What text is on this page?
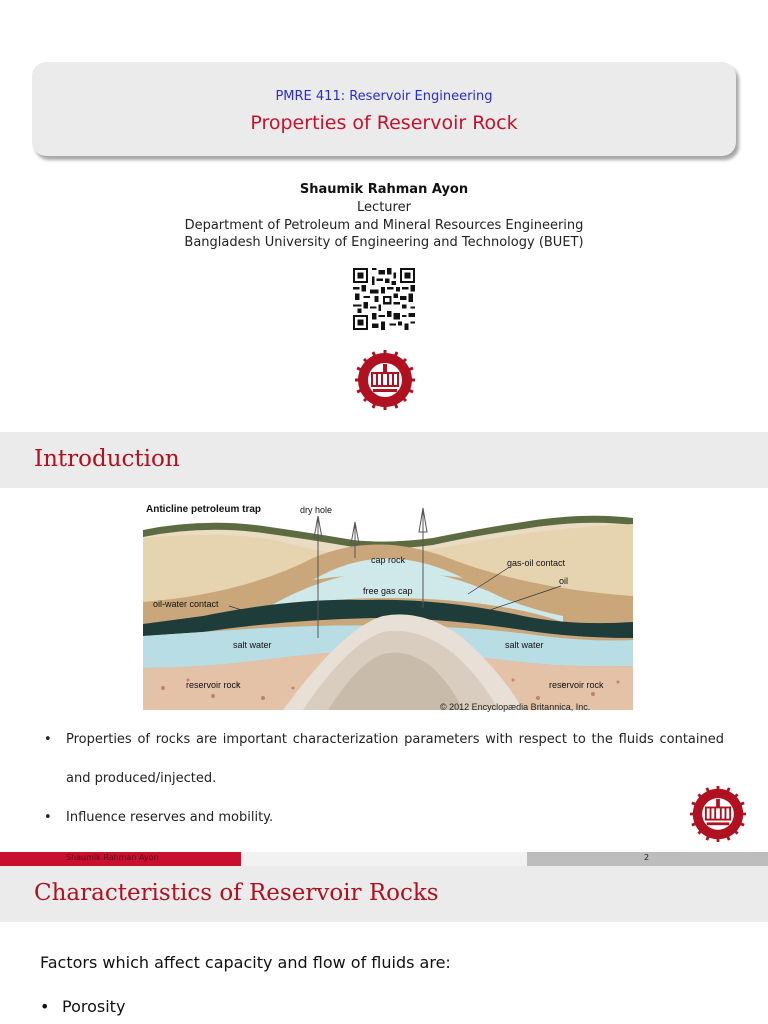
PMRE 411: Reservoir Engineering
Properties of Reservoir Rock
Shaumik Rahman Ayon
Lecturer
Department of Petroleum and Mineral Resources Engineering
Bangladesh University of Engineering and Technology (BUET)
Introduction
Anticline petroleum trap	dry hole
cap rock	gas-oil contact
free gas cap
oil
oil-water contact
salt water	salt water
reservoir rock	reservoir rock
© 2012 Encyclopædia Britannica, Inc.
• Properties of rocks are important characterization parameters with respect to the fluids contained and produced/injected.
• Influence reserves and mobility.
Shaumik Rahman Ayon	2
Characteristics of Reservoir Rocks
Factors which affect capacity and flow of fluids are:
• Porosity
